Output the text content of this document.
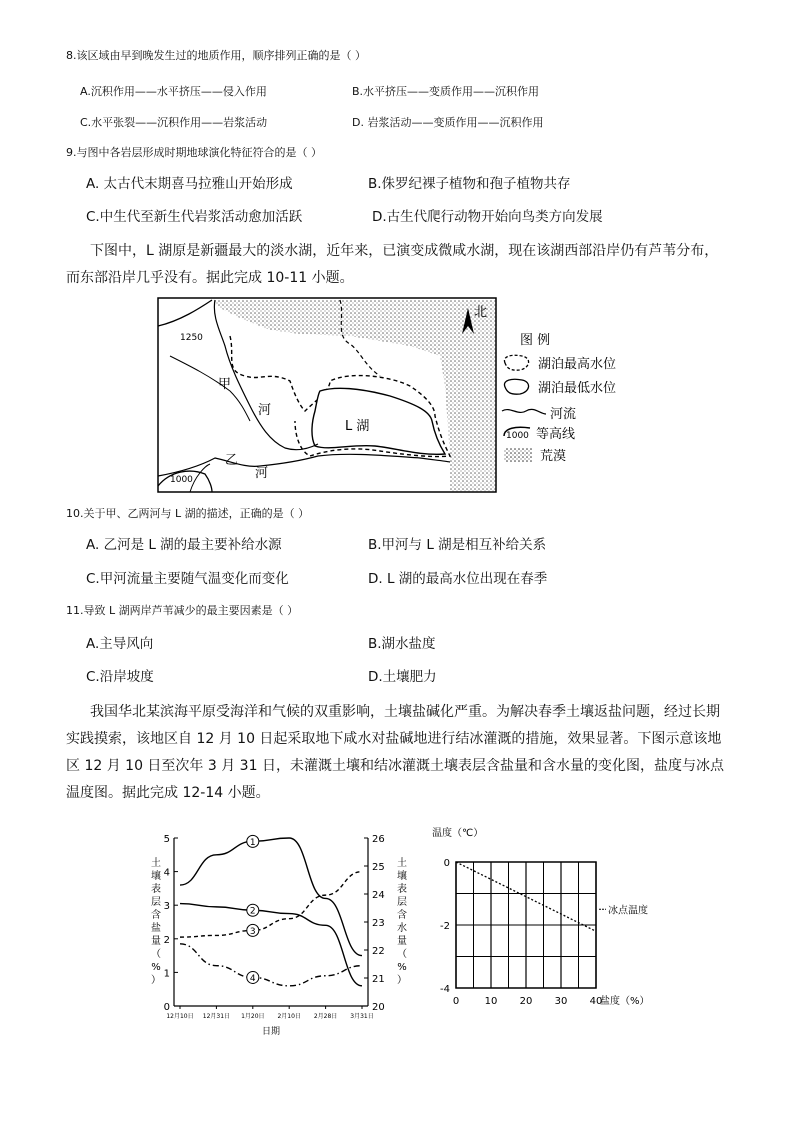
8.该区域由早到晚发生过的地质作用，顺序排列正确的是（ ）
A.沉积作用——水平挤压——侵入作用	B.水平挤压——变质作用——沉积作用
C.水平张裂——沉积作用——岩浆活动	D. 岩浆活动——变质作用——沉积作用
9.与图中各岩层形成时期地球演化特征符合的是（ ）
A. 太古代末期喜马拉雅山开始形成	B.侏罗纪裸子植物和孢子植物共存
C.中生代至新生代岩浆活动愈加活跃	D.古生代爬行动物开始向鸟类方向发展
下图中，L 湖原是新疆最大的淡水湖，近年来，已演变成微咸水湖，现在该湖西部沿岸仍有芦苇分布，而东部沿岸几乎没有。据此完成 10-11 小题。
1250
1000
甲
河
乙
河
L 湖
北
图 例
湖泊最高水位
湖泊最低水位
河流
1000 等高线
荒漠
10.关于甲、乙两河与 L 湖的描述，正确的是（ ）
A. 乙河是 L 湖的最主要补给水源	B.甲河与 L 湖是相互补给关系
C.甲河流量主要随气温变化而变化	D. L 湖的最高水位出现在春季
11.导致 L 湖两岸芦苇减少的最主要因素是（ ）
A.主导风向	B.湖水盐度
C.沿岸坡度	D.土壤肥力
我国华北某滨海平原受海洋和气候的双重影响，土壤盐碱化严重。为解决春季土壤返盐问题，经过长期实践摸索，该地区自 12 月 10 日起采取地下咸水对盐碱地进行结冰灌溉的措施，效果显著。下图示意该地区 12 月 10 日至次年 3 月 31 日，未灌溉土壤和结冰灌溉土壤表层含盐量和含水量的变化图，盐度与冰点温度图。据此完成 12-14 小题。
0
1
2
3
4
5
20
21
22
23
24
25
26
12月10日 12月31日 1月20日 2月10日 2月28日 3月31日
日期
土
壤
表
层
含
盐
量
（
%
）
土
壤
表
层
含
水
量
（
%
）
1
2
3
4
温度（℃）
0
-2
-4
0	10 20 30 40
盐度（%）
冰点温度
